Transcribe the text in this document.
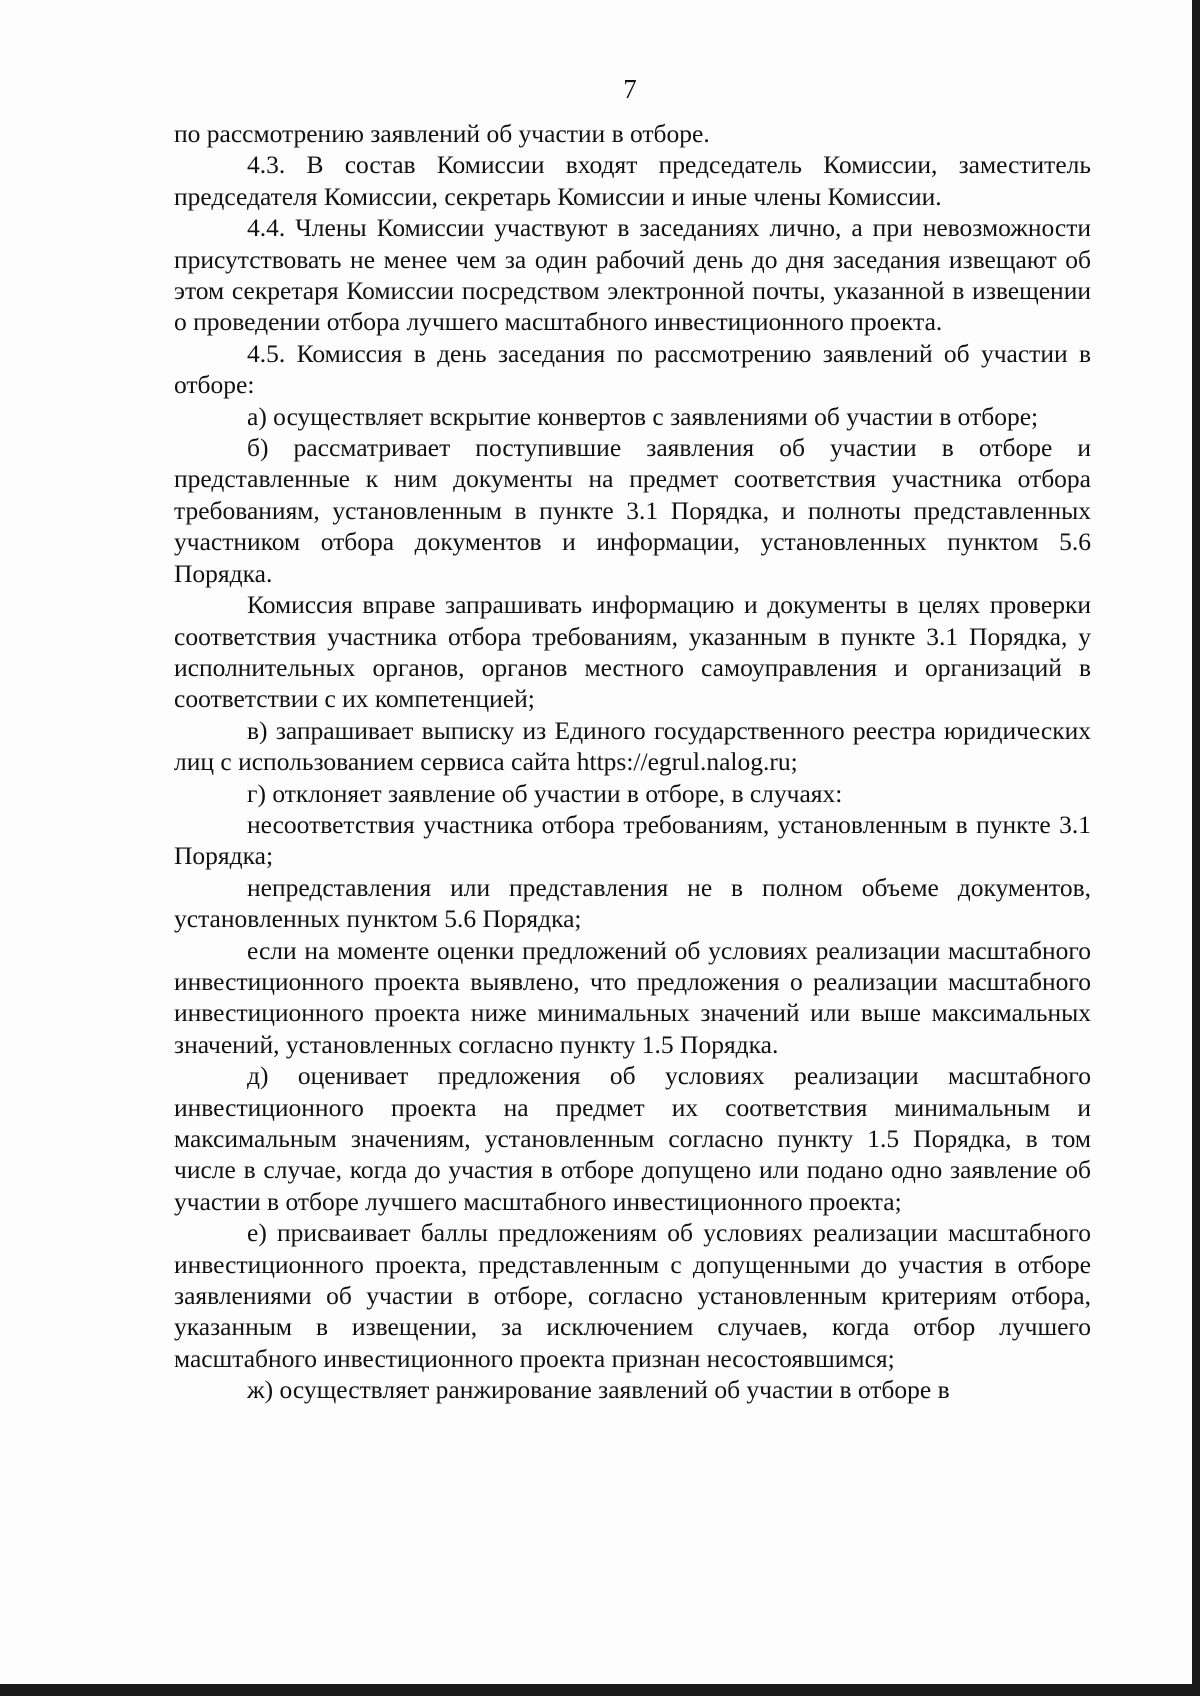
7

по рассмотрению заявлений об участии в отборе.

4.3. В состав Комиссии входят председатель Комиссии, заместитель председателя Комиссии, секретарь Комиссии и иные члены Комиссии.

4.4. Члены Комиссии участвуют в заседаниях лично, а при невозможности присутствовать не менее чем за один рабочий день до дня заседания извещают об этом секретаря Комиссии посредством электронной почты, указанной в извещении о проведении отбора лучшего масштабного инвестиционного проекта.

4.5. Комиссия в день заседания по рассмотрению заявлений об участии в отборе:

а) осуществляет вскрытие конвертов с заявлениями об участии в отборе;

б) рассматривает поступившие заявления об участии в отборе и представленные к ним документы на предмет соответствия участника отбора требованиям, установленным в пункте 3.1 Порядка, и полноты представленных участником отбора документов и информации, установленных пунктом 5.6 Порядка.

Комиссия вправе запрашивать информацию и документы в целях проверки соответствия участника отбора требованиям, указанным в пункте 3.1 Порядка, у исполнительных органов, органов местного самоуправления и организаций в соответствии с их компетенцией;

в) запрашивает выписку из Единого государственного реестра юридических лиц с использованием сервиса сайта https://egrul.nalog.ru;

г) отклоняет заявление об участии в отборе, в случаях:

несоответствия участника отбора требованиям, установленным в пункте 3.1 Порядка;

непредставления или представления не в полном объеме документов, установленных пунктом 5.6 Порядка;

если на моменте оценки предложений об условиях реализации масштабного инвестиционного проекта выявлено, что предложения о реализации масштабного инвестиционного проекта ниже минимальных значений или выше максимальных значений, установленных согласно пункту 1.5 Порядка.

д) оценивает предложения об условиях реализации масштабного инвестиционного проекта на предмет их соответствия минимальным и максимальным значениям, установленным согласно пункту 1.5 Порядка, в том числе в случае, когда до участия в отборе допущено или подано одно заявление об участии в отборе лучшего масштабного инвестиционного проекта;

е) присваивает баллы предложениям об условиях реализации масштабного инвестиционного проекта, представленным с допущенными до участия в отборе заявлениями об участии в отборе, согласно установленным критериям отбора, указанным в извещении, за исключением случаев, когда отбор лучшего масштабного инвестиционного проекта признан несостоявшимся;

ж) осуществляет ранжирование заявлений об участии в отборе в
